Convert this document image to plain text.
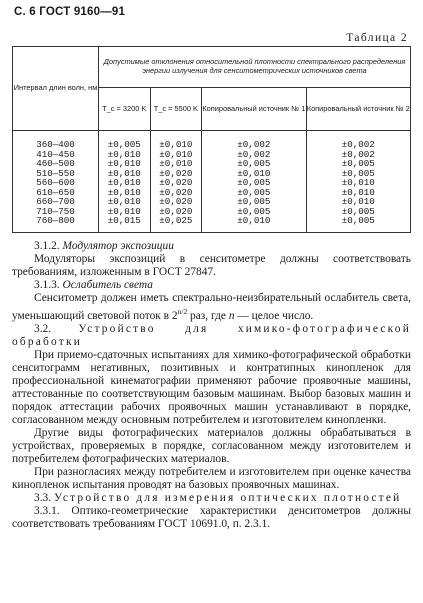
С. 6 ГОСТ 9160—91
Таблица 2
Интервал длин волн, нм	Допустимые отклонения относительной плотности спектрального распределения энергии излучения для сенситометрических источников света			
	T_c = 3200 K	T_c = 5500 K	Копировальный источник № 1	Копировальный источник № 2
360—400	±0,005	±0,010	±0,002	±0,002
410—450	±0,010	±0,010	±0,002	±0,002
460—500	±0,010	±0,010	±0,005	±0,005
510—550	±0,010	±0,020	±0,010	±0,005
560—600	±0,010	±0,020	±0,005	±0,010
610—650	±0,010	±0,020	±0,005	±0,010
660—700	±0,010	±0,020	±0,005	±0,010
710—750	±0,010	±0,020	±0,005	±0,005
760—800	±0,015	±0,025	±0,010	±0,005

3.1.2. Модулятор экспозиции

Модуляторы экспозиций в сенситометре должны соответствовать требованиям, изложенным в ГОСТ 27847.

3.1.3. Ослабитель света

Сенситометр должен иметь спектрально-неизбирательный ослабитель света, уменьшающий световой поток в $2^{n/2}$ раз, где n — целое число.

3.2. Устройство для химико-фотографической обработки

При приемо-сдаточных испытаниях для химико-фотографической обработки сенситограмм негативных, позитивных и контратипных кинопленок для профессиональной кинематографии применяют рабочие проявочные машины, аттестованные по соответствующим базовым машинам. Выбор базовых машин и порядок аттестации рабочих проявочных машин устанавливают в порядке, согласованном между основным потребителем и изготовителем кинопленки.

Другие виды фотографических материалов должны обрабатываться в устройствах, проверяемых в порядке, согласованном между изготовителем и потребителем фотографических материалов.

При разногласиях между потребителем и изготовителем при оценке качества кинопленок испытания проводят на базовых проявочных машинах.

3.3. Устройство для измерения оптических плотностей

3.3.1. Оптико-геометрические характеристики денситометров должны соответствовать требованиям ГОСТ 10691.0, п. 2.3.1.
